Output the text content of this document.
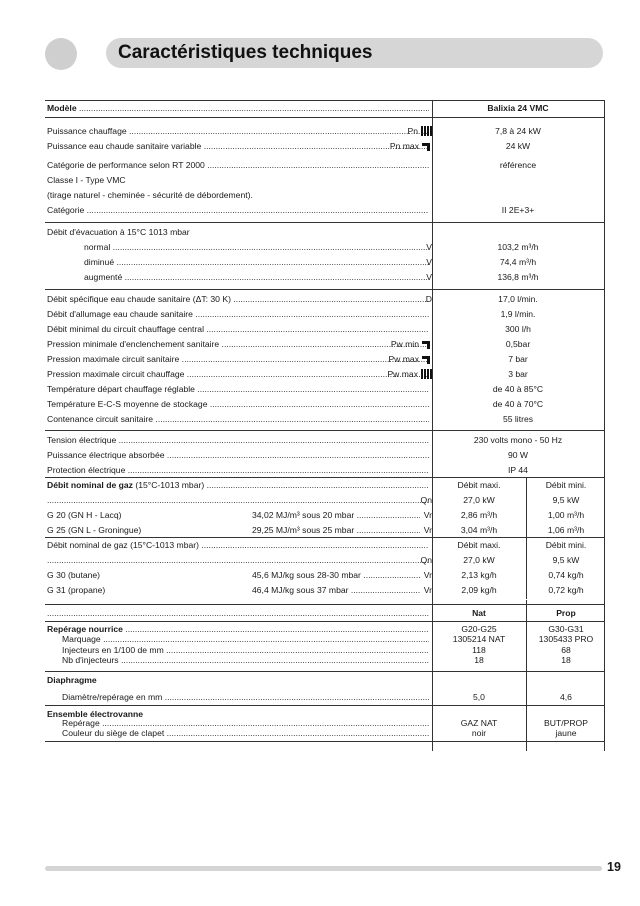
Caractéristiques techniques
Modèle .....	Balixia 24 VMC
Puissance chauffage .....	Pn	7,8 à 24 kW
Puissance eau chaude sanitaire variable .....	Pn max	24 kW
Catégorie de performance selon RT 2000 .....	référence
Classe I - Type VMC
(tirage naturel - cheminée - sécurité de débordement).
Catégorie .....	II 2E+3+
Débit d'évacuation à 15°C 1013 mbar
normal .....	V	103,2 m³/h
diminué .....	V	74,4 m³/h
augmenté .....	V	136,8 m³/h
Débit spécifique eau chaude sanitaire (ΔT: 30 K) .....	D	17,0 l/min.
Débit d'allumage eau chaude sanitaire .....	1,9 l/min.
Débit minimal du circuit chauffage central .....	300 l/h
Pression minimale d'enclenchement sanitaire .....	Pw min	0,5bar
Pression maximale circuit sanitaire .....	Pw max	7 bar
Pression maximale circuit chauffage .....	Pw max	3 bar
Température départ chauffage réglable .....	de 40 à 85°C
Température E-C-S moyenne de stockage .....	de 40 à 70°C
Contenance circuit sanitaire .....	55 litres
Tension électrique .....	230 volts mono - 50 Hz
Puissance électrique absorbée .....	90 W
Protection électrique .....	IP 44
Débit nominal de gaz (15°C-1013 mbar) .....	Débit maxi.	Débit mini.
.....
Qn	27,0 kW	9,5 kW
G 20 (GN H - Lacq)	34,02 MJ/m³ sous 20 mbar .....	Vr	2,86 m³/h	1,00 m³/h
G 25 (GN L - Groningue)	29,25 MJ/m³ sous 25 mbar .....	Vr	3,04 m³/h	1,06 m³/h
Débit nominal de gaz (15°C-1013 mbar) .....	Débit maxi.	Débit mini.
.....
Qn	27,0 kW	9,5 kW
G 30 (butane)	45,6 MJ/kg sous 28-30 mbar .....	Vr	2,13 kg/h	0,74 kg/h
G 31 (propane)	46,4 MJ/kg sous 37 mbar .....	Vr	2,09 kg/h	0,72 kg/h
.....
Nat	Prop
Repérage nourrice .....	G20-G25	G30-G31
Marquage .....	1305214 NAT	1305433 PRO
Injecteurs en 1/100 de mm .....	118	68
Nb d'injecteurs .....	18	18
Diaphragme
Diamètre/repérage en mm .....	5,0	4,6
Ensemble électrovanne
Repérage .....	GAZ NAT	BUT/PROP
Couleur du siège de clapet .....	noir	jaune
19
